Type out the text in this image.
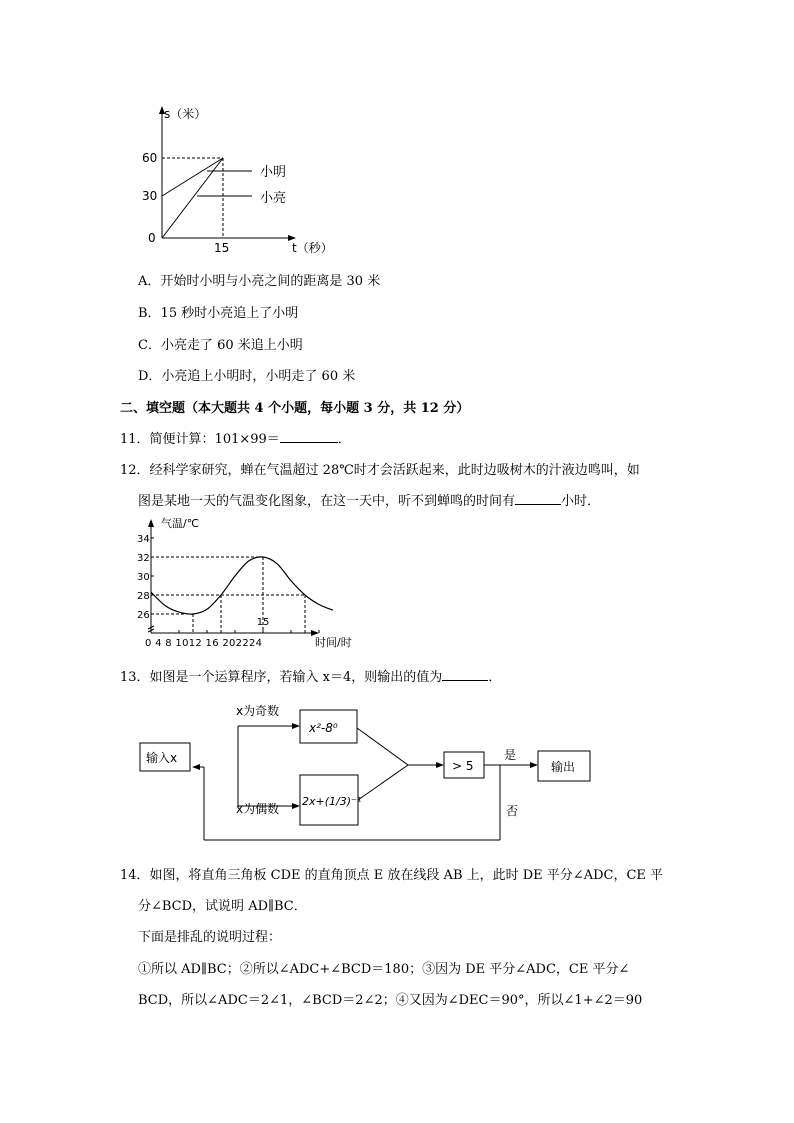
s（米）
60
30
0
15	t（秒）
小明
小亮
A．开始时小明与小亮之间的距离是 30 米
B．15 秒时小亮追上了小明
C．小亮走了 60 米追上小明
D．小亮追上小明时，小明走了 60 米
二、填空题（本大题共 4 个小题，每小题 3 分，共 12 分）
11．简便计算：101×99＝	．
12．经科学家研究，蝉在气温超过 28℃时才会活跃起来，此时边吸树木的汁液边鸣叫，如
图是某地一天的气温变化图象，在这一天中，听不到蝉鸣的时间有	小时．
34
32
30
28
26
0 4 8 1012 16 202224
气温/℃
时间/时
15
13．如图是一个运算程序，若输入 x＝4，则输出的值为	．
输入x
x为奇数
x为偶数
x²-8⁰
2x+(1/3)⁻¹
> 5
是
输出
否
14．如图，将直角三角板 CDE 的直角顶点 E 放在线段 AB 上，此时 DE 平分∠ADC，CE 平
分∠BCD，试说明 AD∥BC．
下面是排乱的说明过程：
①所以 AD∥BC；②所以∠ADC+∠BCD＝180；③因为 DE 平分∠ADC，CE 平分∠
BCD，所以∠ADC＝2∠1，∠BCD＝2∠2；④又因为∠DEC＝90°，所以∠1+∠2＝90
